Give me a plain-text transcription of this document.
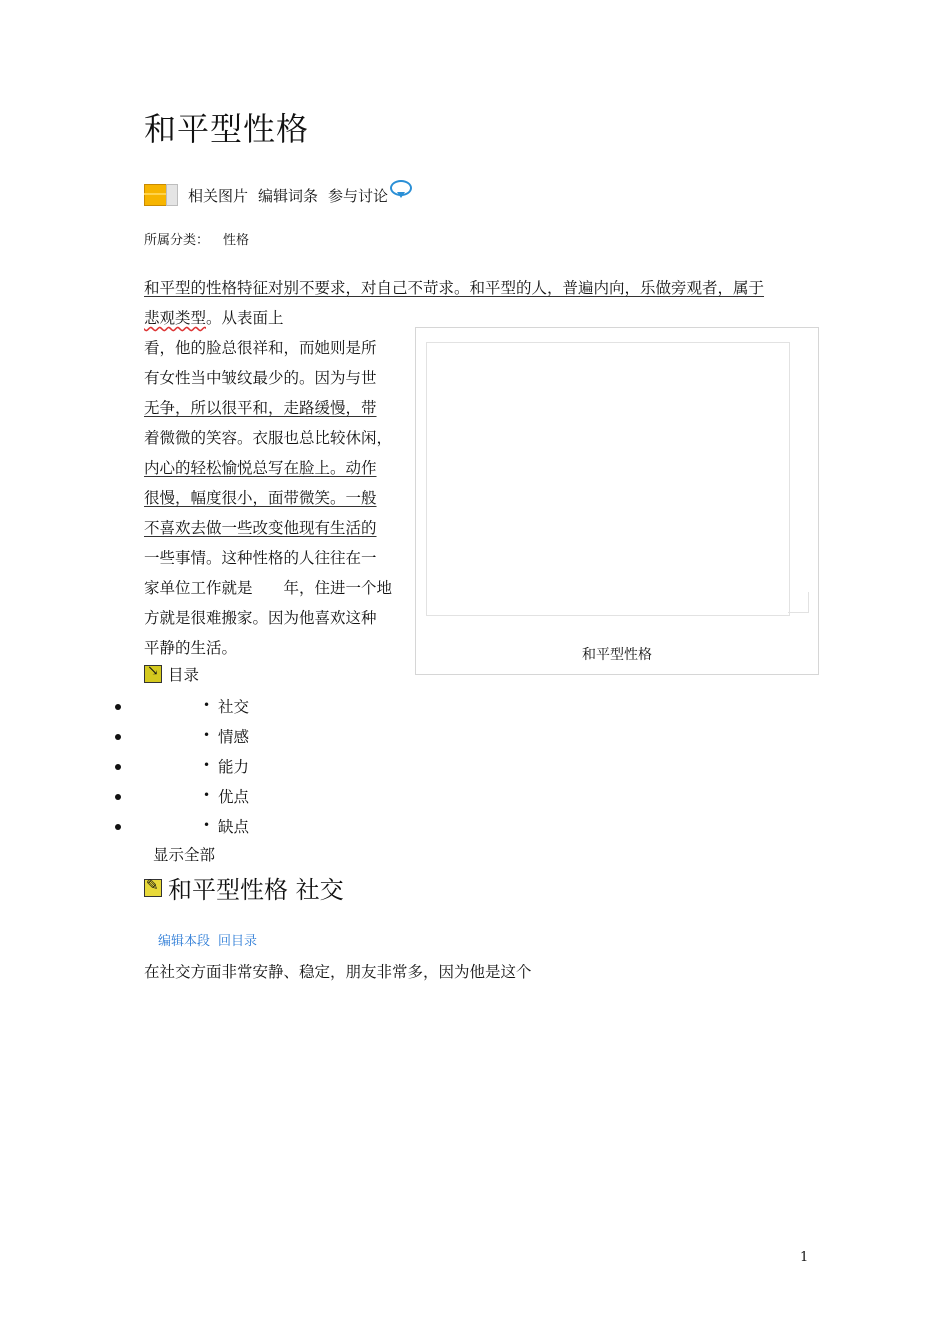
和平型性格
相关图片 编辑词条 参与讨论
所属分类： 性格
和平型的性格特征对别不要求，对自己不苛求。和平型的人，普遍内向，乐做旁观者，属于
悲观类型。从表面上
看，他的脸总很祥和，而她则是所
有女性当中皱纹最少的。因为与世
无争，所以很平和，走路缓慢，带
着微微的笑容。衣服也总比较休闲，
内心的轻松愉悦总写在脸上。动作
很慢，幅度很小，面带微笑。一般
不喜欢去做一些改变他现有生活的
一些事情。这种性格的人往往在一
家单位工作就是　　年，住进一个地
方就是很难搬家。因为他喜欢这种
平静的生活。	和平型性格
↘
目录
• 社交
• 情感
• 能力
• 优点
• 缺点
显示全部
✎
和平型性格 社交
编辑本段 回目录
在社交方面非常安静、稳定，朋友非常多，因为他是这个
1
